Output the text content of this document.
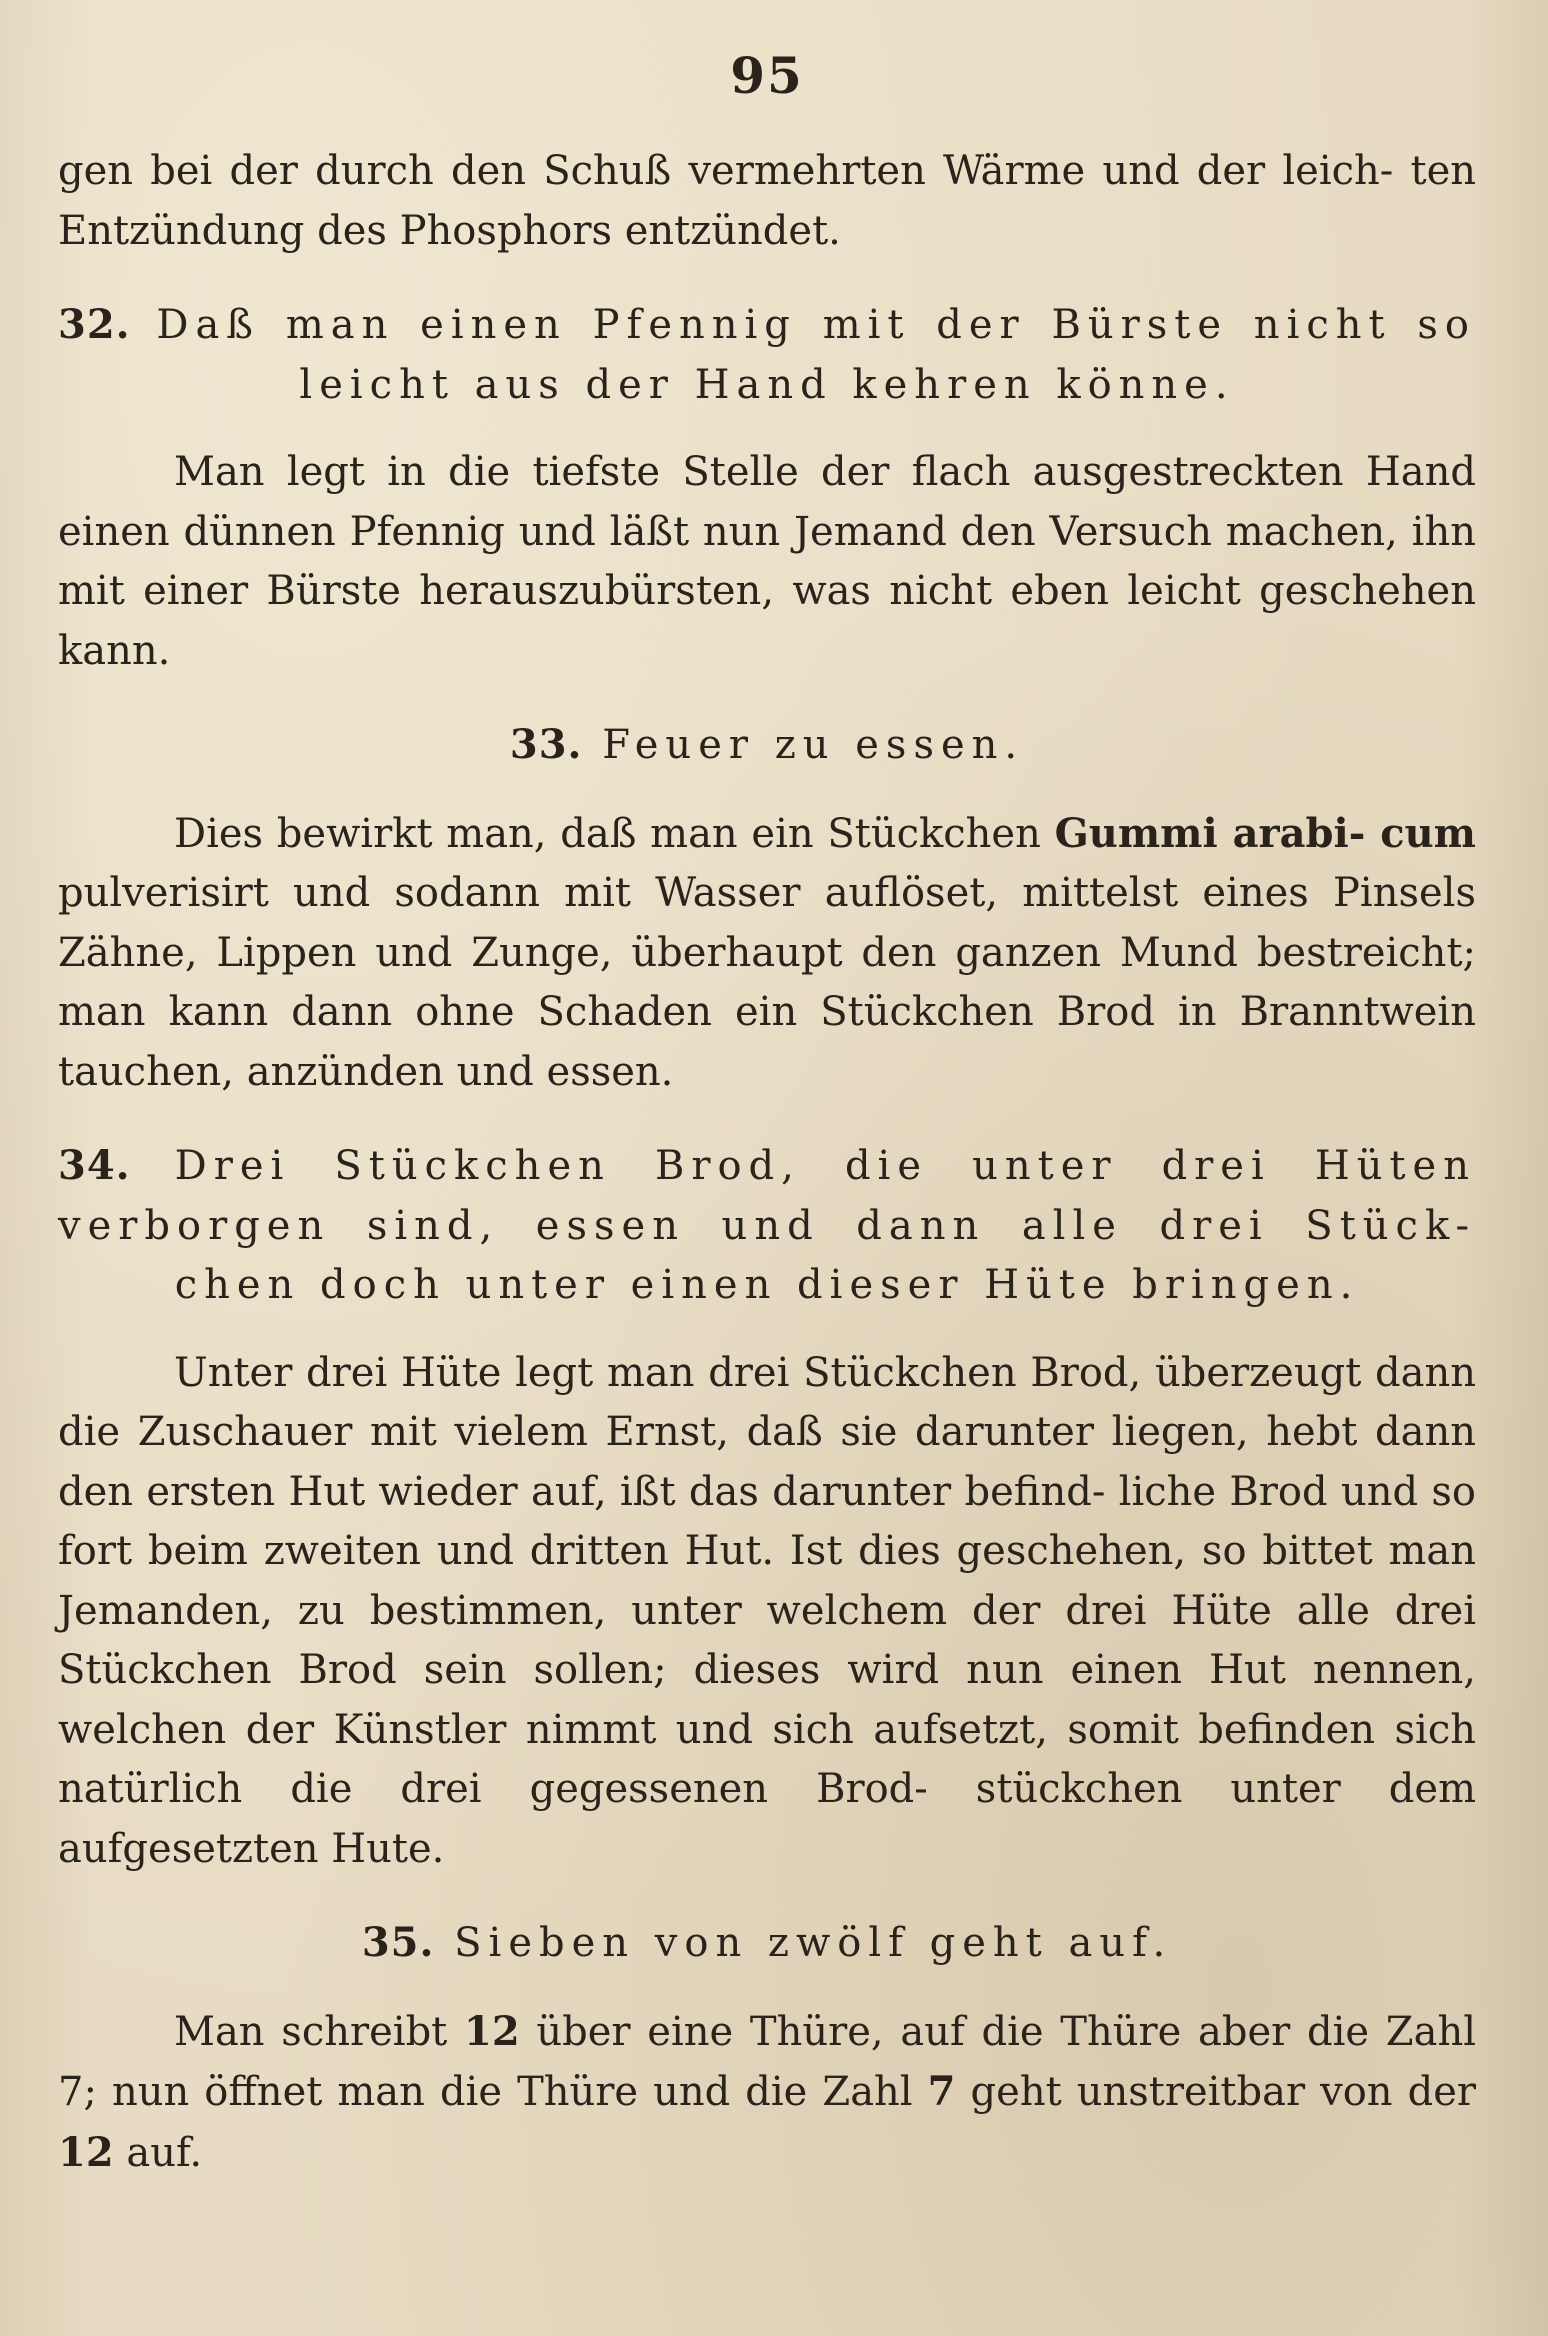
95

gen bei der durch den Schuß vermehrten Wärme und der leich- ten Entzündung des Phosphors entzündet.

32. Daß man einen Pfennig mit der Bürste nicht so leicht aus der Hand kehren könne.

Man legt in die tiefste Stelle der flach ausgestreckten Hand einen dünnen Pfennig und läßt nun Jemand den Versuch machen, ihn mit einer Bürste herauszubürsten, was nicht eben leicht geschehen kann.

33. Feuer zu essen.

Dies bewirkt man, daß man ein Stückchen Gummi arabi- cum pulverisirt und sodann mit Wasser auflöset, mittelst eines Pinsels Zähne, Lippen und Zunge, überhaupt den ganzen Mund bestreicht; man kann dann ohne Schaden ein Stückchen Brod in Branntwein tauchen, anzünden und essen.

34. Drei Stückchen Brod, die unter drei Hüten verborgen sind, essen und dann alle drei Stück- chen doch unter einen dieser Hüte bringen.

Unter drei Hüte legt man drei Stückchen Brod, überzeugt dann die Zuschauer mit vielem Ernst, daß sie darunter liegen, hebt dann den ersten Hut wieder auf, ißt das darunter befind- liche Brod und so fort beim zweiten und dritten Hut. Ist dies geschehen, so bittet man Jemanden, zu bestimmen, unter welchem der drei Hüte alle drei Stückchen Brod sein sollen; dieses wird nun einen Hut nennen, welchen der Künstler nimmt und sich aufsetzt, somit befinden sich natürlich die drei gegessenen Brod- stückchen unter dem aufgesetzten Hute.

35. Sieben von zwölf geht auf.

Man schreibt 12 über eine Thüre, auf die Thüre aber die Zahl 7; nun öffnet man die Thüre und die Zahl 7 geht unstreitbar von der 12 auf.
